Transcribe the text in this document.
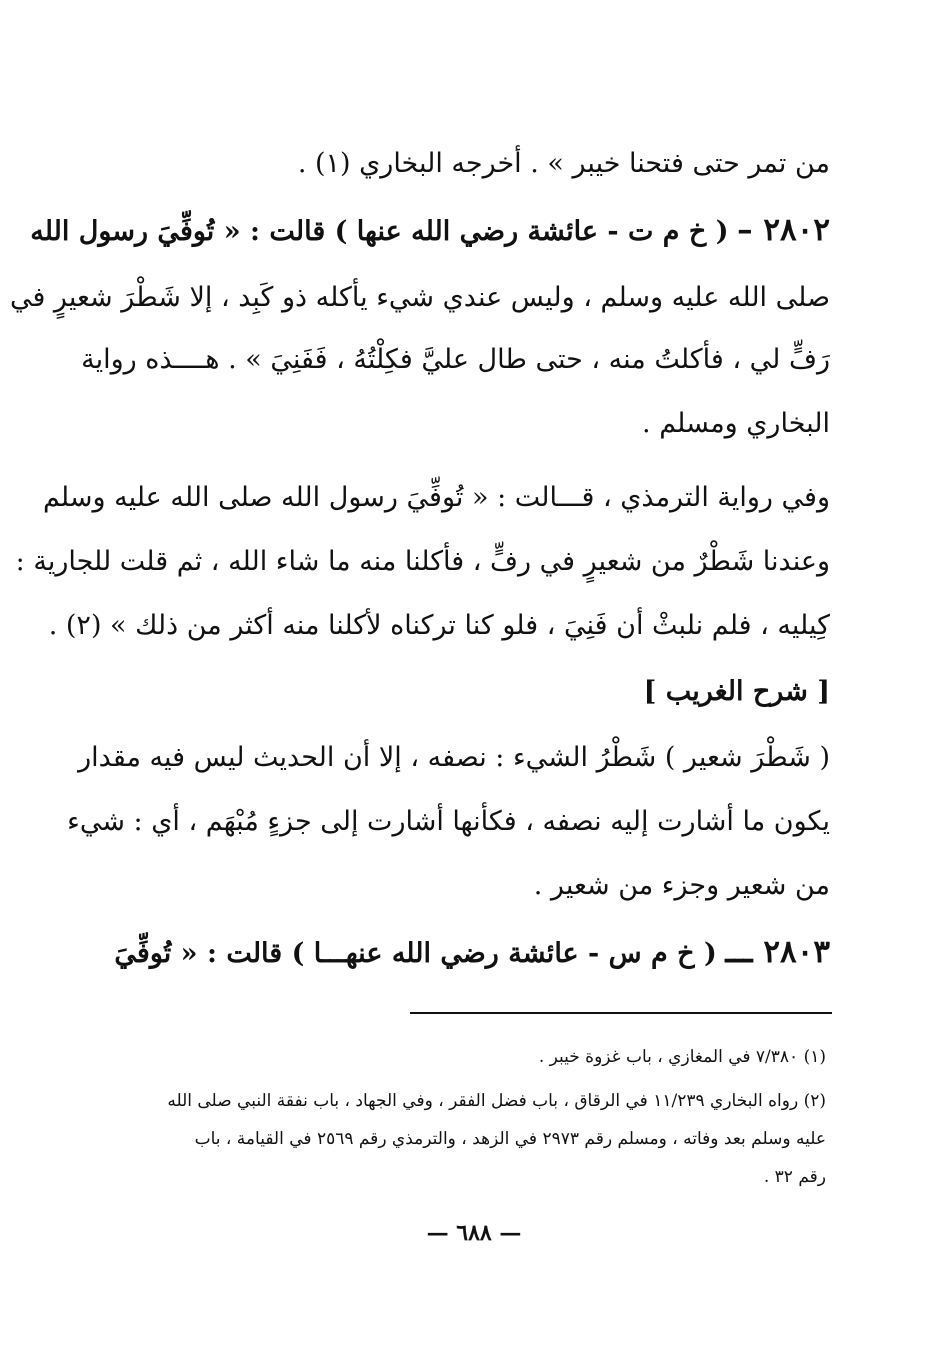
من تمر حتى فتحنا خيبر » . أخرجه البخاري (١) .
٢٨٠٢ – ( خ م ت - عائشة رضي الله عنها ) قالت : « تُوفِّيَ رسول الله
صلى الله عليه وسلم ، وليس عندي شيء يأكله ذو كَبِد ، إلا شَطْرَ شعيرٍ في
رَفٍّ لي ، فأكلتُ منه ، حتى طال عليَّ فكِلْتُهُ ، فَفَنِيَ » . هــــذه رواية
البخاري ومسلم .
وفي رواية الترمذي ، قـــالت : « تُوفِّيَ رسول الله صلى الله عليه وسلم
وعندنا شَطْرٌ من شعيرٍ في رفٍّ ، فأكلنا منه ما شاء الله ، ثم قلت للجارية :
كِيليه ، فلم نلبثْ أن فَنِيَ ، فلو كنا تركناه لأكلنا منه أكثر من ذلك » (٢) .
[ شرح الغريب ]
( شَطْرَ شعير ) شَطْرُ الشيء : نصفه ، إلا أن الحديث ليس فيه مقدار
يكون ما أشارت إليه نصفه ، فكأنها أشارت إلى جزءٍ مُبْهَم ، أي : شيء
من شعير وجزء من شعير .
٢٨٠٣ ـــ ( خ م س - عائشة رضي الله عنهـــا ) قالت : « تُوفِّيَ
(١) ٧/٣٨٠ في المغازي ، باب غزوة خيبر .
(٢) رواه البخاري ١١/٢٣٩ في الرقاق ، باب فضل الفقر ، وفي الجهاد ، باب نفقة النبي صلى الله
عليه وسلم بعد وفاته ، ومسلم رقم ٢٩٧٣ في الزهد ، والترمذي رقم ٢٥٦٩ في القيامة ، باب
رقم ٣٢ .
— ٦٨٨ —
